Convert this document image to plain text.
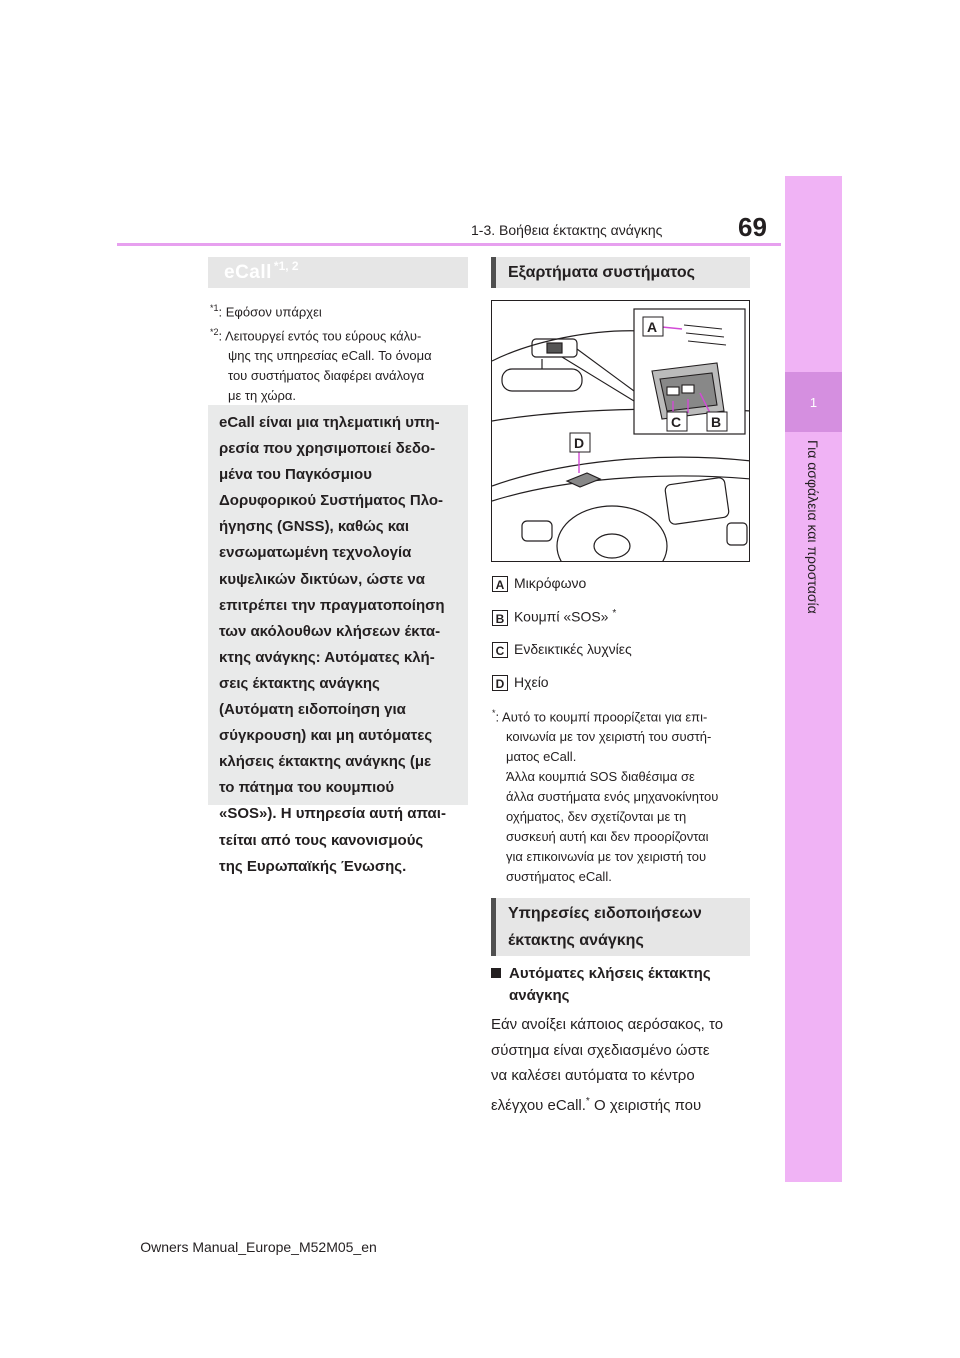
1
Για ασφάλεια και προστασία
69
1-3. Βοήθεια έκτακτης ανάγκης
eCall *1, 2
$^{*1}$: Εφόσον υπάρχει
$^{*2}$: Λειτουργεί εντός του εύρους κάλυ-
ψης της υπηρεσίας eCall. Το όνομα
του συστήματος διαφέρει ανάλογα
με τη χώρα.
eCall είναι μια τηλεματική υπη-
ρεσία που χρησιμοποιεί δεδο-
μένα του Παγκόσμιου
Δορυφορικού Συστήματος Πλο-
ήγησης (GNSS), καθώς και
ενσωματωμένη τεχνολογία
κυψελικών δικτύων, ώστε να
επιτρέπει την πραγματοποίηση
των ακόλουθων κλήσεων έκτα-
κτης ανάγκης: Αυτόματες κλή-
σεις έκτακτης ανάγκης
(Αυτόματη ειδοποίηση για
σύγκρουση) και μη αυτόματες
κλήσεις έκτακτης ανάγκης (με
το πάτημα του κουμπιού
«SOS»). Η υπηρεσία αυτή απαι-
τείται από τους κανονισμούς
της Ευρωπαϊκής Ένωσης.
Εξαρτήματα συστήματος
A
C B
D
A Μικρόφωνο
B Κουμπί «SOS» *
C Ενδεικτικές λυχνίες
D Ηχείο
*: Αυτό το κουμπί προορίζεται για επι-
κοινωνία με τον χειριστή του συστή-
ματος eCall.
Άλλα κουμπιά SOS διαθέσιμα σε
άλλα συστήματα ενός μηχανοκίνητου
οχήματος, δεν σχετίζονται με τη
συσκευή αυτή και δεν προορίζονται
για επικοινωνία με τον χειριστή του
συστήματος eCall.
Υπηρεσίες ειδοποιήσεων
έκτακτης ανάγκης
Αυτόματες κλήσεις έκτακτης
ανάγκης
Εάν ανοίξει κάποιος αερόσακος, το
σύστημα είναι σχεδιασμένο ώστε
να καλέσει αυτόματα το κέντρο
ελέγχου eCall.* Ο χειριστής που
Owners Manual_Europe_M52M05_en
